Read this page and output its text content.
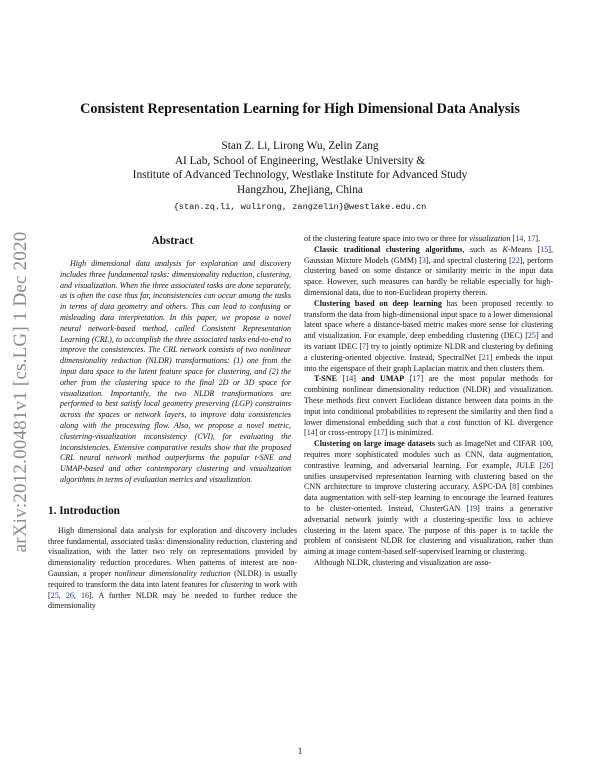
arXiv:2012.00481v1 [cs.LG] 1 Dec 2020
Consistent Representation Learning for High Dimensional Data Analysis
Stan Z. Li, Lirong Wu, Zelin Zang
AI Lab, School of Engineering, Westlake University &
Institute of Advanced Technology, Westlake Institute for Advanced Study
Hangzhou, Zhejiang, China
{stan.zq.li, wulirong, zangzelin}@westlake.edu.cn
Abstract

High dimensional data analysis for exploration and discovery includes three fundamental tasks: dimensionality reduction, clustering, and visualization. When the three associated tasks are done separately, as is often the case thus far, inconsistencies can occur among the tasks in terms of data geometry and others. This can lead to confusing or misleading data interpretation. In this paper, we propose a novel neural network-based method, called Consistent Representation Learning (CRL), to accomplish the three associated tasks end-to-end to improve the consistencies. The CRL network consists of two nonlinear dimensionality reduction (NLDR) transformations: (1) one from the input data space to the latent feature space for clustering, and (2) the other from the clustering space to the final 2D or 3D space for visualization. Importantly, the two NLDR transformations are performed to best satisfy local geometry preserving (LGP) constraints across the spaces or network layers, to improve data consistencies along with the processing flow. Also, we propose a novel metric, clustering-visualization inconsistency (CVI), for evaluating the inconsistencies. Extensive comparative results show that the proposed CRL neural network method outperforms the popular t-SNE and UMAP-based and other contemporary clustering and visualization algorithms in terms of evaluation metrics and visualization.

1. Introduction

High dimensional data analysis for exploration and discovery includes three fundamental, associated tasks: dimensionality reduction, clustering and visualization, with the latter two rely on representations provided by dimensionality reduction procedures. When patterns of interest are non-Gaussian, a proper nonlinear dimensionality reduction (NLDR) is usually required to transform the data into latent features for clustering to work with [25, 26, 16]. A further NLDR may be needed to further reduce the dimensionality

of the clustering feature space into two or three for visualization [14, 17].

Classic traditional clustering algorithms, such as K-Means [15], Gaussian Mixture Models (GMM) [3], and spectral clustering [22], perform clustering based on some distance or similarity metric in the input data space. However, such measures can hardly be reliable especially for high-dimensional data, due to non-Euclidean property therein.

Clustering based on deep learning has been proposed recently to transform the data from high-dimensional input space to a lower dimensional latent space where a distance-based metric makes more sense for clustering and visualization. For example, deep embedding clustering (DEC) [25] and its variant IDEC [7] try to jointly optimize NLDR and clustering by defining a clustering-oriented objective. Instead, SpectralNet [21] embeds the input into the eigenspace of their graph Laplacian matrix and then clusters them.

T-SNE [14] and UMAP [17] are the most popular methods for combining nonlinear dimensionality reduction (NLDR) and visualization. These methods first convert Euclidean distance between data points in the input into conditional probabilities to represent the similarity and then find a lower dimensional embedding such that a cost function of KL divergence [14] or cross-entropy [17] is minimized.

Clustering on large image datasets such as ImageNet and CIFAR 100, requires more sophisticated modules such as CNN, data augmentation, contrastive learning, and adversarial learning. For example, JULE [26] unifies unsupervised representation learning with clustering based on the CNN architecture to improve clustering accuracy. ASPC-DA [8] combines data augmentation with self-step learning to encourage the learned features to be cluster-oriented. Instead, ClusterGAN [19] trains a generative adversarial network jointly with a clustering-specific loss to achieve clustering in the latent space. The purpose of this paper is to tackle the problem of consistent NLDR for clustering and visualization, rather than aiming at image content-based self-supervised learning or clustering.

Although NLDR, clustering and visualization are asso-

1
